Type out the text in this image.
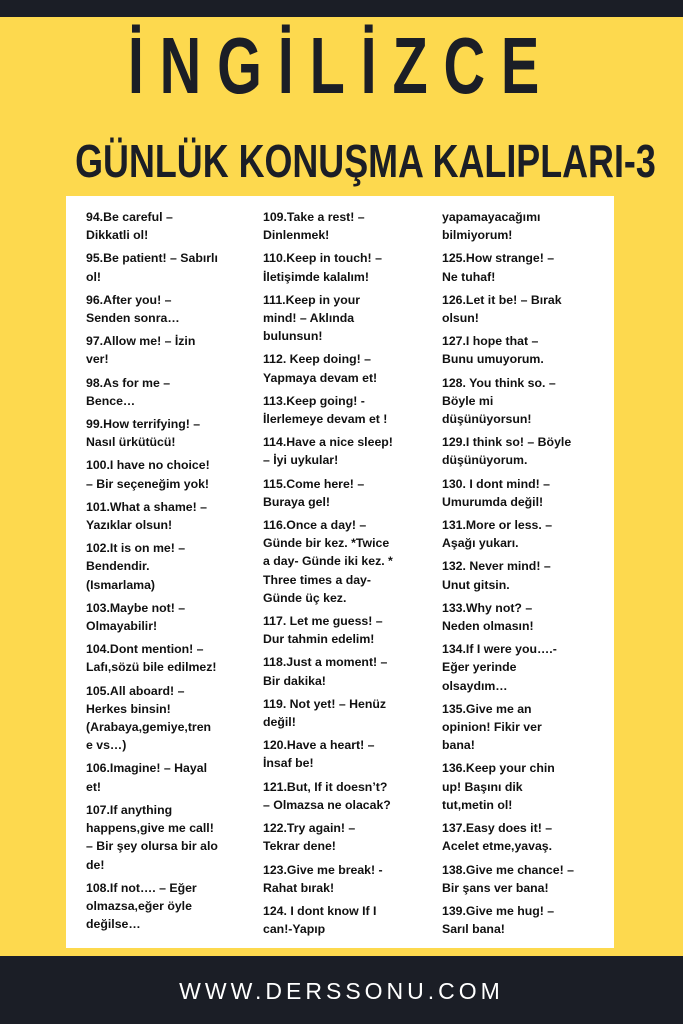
İNGİLİZCE
GÜNLÜK KONUŞMA KALIPLARI-3
94.Be careful –
Dikkatli ol!
95.Be patient! – Sabırlı
ol!
96.After you! –
Senden sonra…
97.Allow me! – İzin
ver!
98.As for me –
Bence…
99.How terrifying! –
Nasıl ürkütücü!
100.I have no choice!
– Bir seçeneğim yok!
101.What a shame! –
Yazıklar olsun!
102.It is on me! –
Bendendir.
(Ismarlama)
103.Maybe not! –
Olmayabilir!
104.Dont mention! –
Lafı,sözü bile edilmez!
105.All aboard! –
Herkes binsin!
(Arabaya,gemiye,tren
e vs…)
106.Imagine! – Hayal
et!
107.If anything
happens,give me call!
– Bir şey olursa bir alo
de!
108.If not…. – Eğer
olmazsa,eğer öyle
değilse…
109.Take a rest! –
Dinlenmek!
110.Keep in touch! –
İletişimde kalalım!
111.Keep in your
mind! – Aklında
bulunsun!
112. Keep doing! –
Yapmaya devam et!
113.Keep going! -
İlerlemeye devam et !
114.Have a nice sleep!
– İyi uykular!
115.Come here! –
Buraya gel!
116.Once a day! –
Günde bir kez. *Twice
a day- Günde iki kez. *
Three times a day-
Günde üç kez.
117. Let me guess! –
Dur tahmin edelim!
118.Just a moment! –
Bir dakika!
119. Not yet! – Henüz
değil!
120.Have a heart! –
İnsaf be!
121.But, If it doesn’t?
– Olmazsa ne olacak?
122.Try again! –
Tekrar dene!
123.Give me break! -
Rahat bırak!
124. I dont know If I
can!-Yapıp
yapamayacağımı
bilmiyorum!
125.How strange! –
Ne tuhaf!
126.Let it be! – Bırak
olsun!
127.I hope that –
Bunu umuyorum.
128. You think so. –
Böyle mi
düşünüyorsun!
129.I think so! – Böyle
düşünüyorum.
130. I dont mind! –
Umurumda değil!
131.More or less. –
Aşağı yukarı.
132. Never mind! –
Unut gitsin.
133.Why not? –
Neden olmasın!
134.If I were you….-
Eğer yerinde
olsaydım…
135.Give me an
opinion! Fikir ver
bana!
136.Keep your chin
up! Başını dik
tut,metin ol!
137.Easy does it! –
Acelet etme,yavaş.
138.Give me chance! –
Bir şans ver bana!
139.Give me hug! –
Sarıl bana!
WWW.DERSSONU.COM
